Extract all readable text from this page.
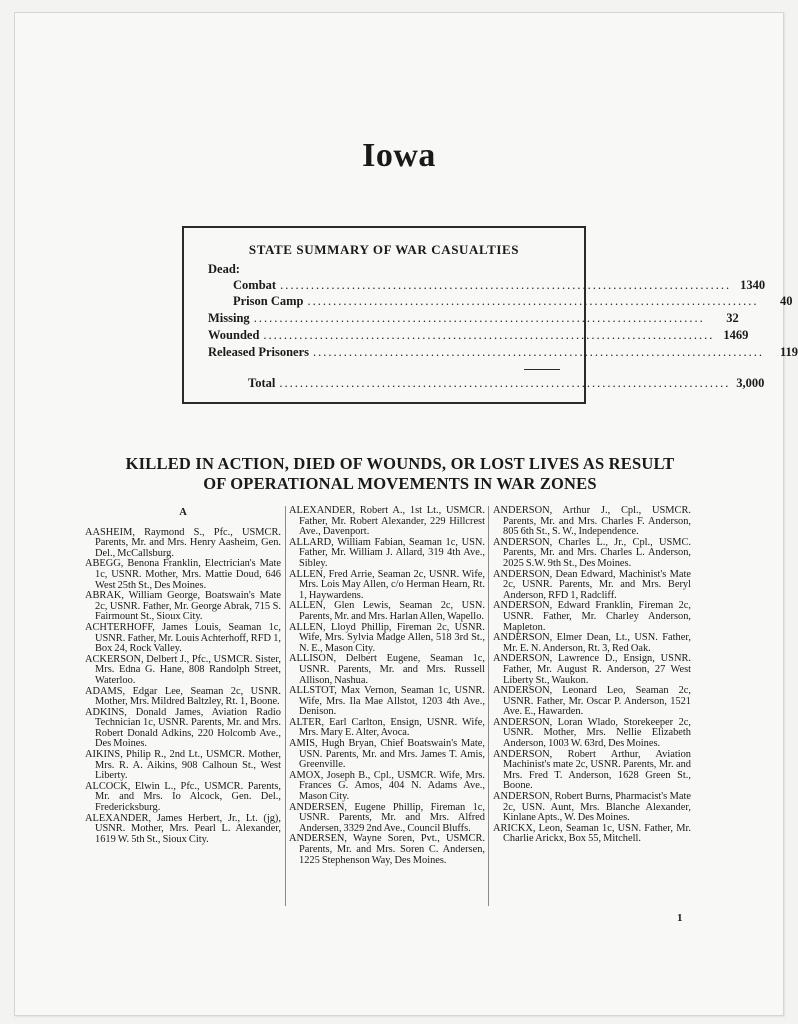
Iowa
STATE SUMMARY OF WAR CASUALTIES
Dead:
Combat ........................................................................................ 1340
Prison Camp ........................................................................................	40
Missing ........................................................................................	32
Wounded ........................................................................................ 1469
Released Prisoners ........................................................................................	119
Total ........................................................................................ 3,000
KILLED IN ACTION, DIED OF WOUNDS, OR LOST LIVES AS RESULT
OF OPERATIONAL MOVEMENTS IN WAR ZONES
A
AASHEIM, Raymond S., Pfc., USMCR. Parents, Mr. and Mrs. Henry Aasheim, Gen. Del., McCallsburg.
ABEGG, Benona Franklin, Electrician's Mate 1c, USNR. Mother, Mrs. Mattie Doud, 646 West 25th St., Des Moines.
ABRAK, William George, Boatswain's Mate 2c, USNR. Father, Mr. George Abrak, 715 S. Fairmount St., Sioux City.
ACHTERHOFF, James Louis, Seaman 1c, USNR. Father, Mr. Louis Achterhoff, RFD 1, Box 24, Rock Valley.
ACKERSON, Delbert J., Pfc., USMCR. Sister, Mrs. Edna G. Hane, 808 Randolph Street, Waterloo.
ADAMS, Edgar Lee, Seaman 2c, USNR. Mother, Mrs. Mildred Baltzley, Rt. 1, Boone.
ADKINS, Donald James, Aviation Radio Technician 1c, USNR. Parents, Mr. and Mrs. Robert Donald Adkins, 220 Holcomb Ave., Des Moines.
AIKINS, Philip R., 2nd Lt., USMCR. Mother, Mrs. R. A. Aikins, 908 Calhoun St., West Liberty.
ALCOCK, Elwin L., Pfc., USMCR. Parents, Mr. and Mrs. Io Alcock, Gen. Del., Fredericksburg.
ALEXANDER, James Herbert, Jr., Lt. (jg), USNR. Mother, Mrs. Pearl L. Alexander, 1619 W. 5th St., Sioux City.
ALEXANDER, Robert A., 1st Lt., USMCR. Father, Mr. Robert Alexander, 229 Hillcrest Ave., Davenport.
ALLARD, William Fabian, Seaman 1c, USN. Father, Mr. William J. Allard, 319 4th Ave., Sibley.
ALLEN, Fred Arrie, Seaman 2c, USNR. Wife, Mrs. Lois May Allen, c/o Herman Hearn, Rt. 1, Haywardens.
ALLEN, Glen Lewis, Seaman 2c, USN. Parents, Mr. and Mrs. Harlan Allen, Wapello.
ALLEN, Lloyd Phillip, Fireman 2c, USNR. Wife, Mrs. Sylvia Madge Allen, 518 3rd St., N. E., Mason City.
ALLISON, Delbert Eugene, Seaman 1c, USNR. Parents, Mr. and Mrs. Russell Allison, Nashua.
ALLSTOT, Max Vernon, Seaman 1c, USNR. Wife, Mrs. Ila Mae Allstot, 1203 4th Ave., Denison.
ALTER, Earl Carlton, Ensign, USNR. Wife, Mrs. Mary E. Alter, Avoca.
AMIS, Hugh Bryan, Chief Boatswain's Mate, USN. Parents, Mr. and Mrs. James T. Amis, Greenville.
AMOX, Joseph B., Cpl., USMCR. Wife, Mrs. Frances G. Amos, 404 N. Adams Ave., Mason City.
ANDERSEN, Eugene Phillip, Fireman 1c, USNR. Parents, Mr. and Mrs. Alfred Andersen, 3329 2nd Ave., Council Bluffs.
ANDERSEN, Wayne Soren, Pvt., USMCR. Parents, Mr. and Mrs. Soren C. Andersen, 1225 Stephenson Way, Des Moines.
ANDERSON, Arthur J., Cpl., USMCR. Parents, Mr. and Mrs. Charles F. Anderson, 805 6th St., S. W., Independence.
ANDERSON, Charles L., Jr., Cpl., USMC. Parents, Mr. and Mrs. Charles L. Anderson, 2025 S.W. 9th St., Des Moines.
ANDERSON, Dean Edward, Machinist's Mate 2c, USNR. Parents, Mr. and Mrs. Beryl Anderson, RFD 1, Radcliff.
ANDERSON, Edward Franklin, Fireman 2c, USNR. Father, Mr. Charley Anderson, Mapleton.
ANDERSON, Elmer Dean, Lt., USN. Father, Mr. E. N. Anderson, Rt. 3, Red Oak.
ANDERSON, Lawrence D., Ensign, USNR. Father, Mr. August R. Anderson, 27 West Liberty St., Waukon.
ANDERSON, Leonard Leo, Seaman 2c, USNR. Father, Mr. Oscar P. Anderson, 1521 Ave. E., Hawarden.
ANDERSON, Loran Wlado, Storekeeper 2c, USNR. Mother, Mrs. Nellie Elizabeth Anderson, 1003 W. 63rd, Des Moines.
ANDERSON, Robert Arthur, Aviation Machinist's mate 2c, USNR. Parents, Mr. and Mrs. Fred T. Anderson, 1628 Green St., Boone.
ANDERSON, Robert Burns, Pharmacist's Mate 2c, USN. Aunt, Mrs. Blanche Alexander, Kinlane Apts., W. Des Moines.
ARICKX, Leon, Seaman 1c, USN. Father, Mr. Charlie Arickx, Box 55, Mitchell.
1
